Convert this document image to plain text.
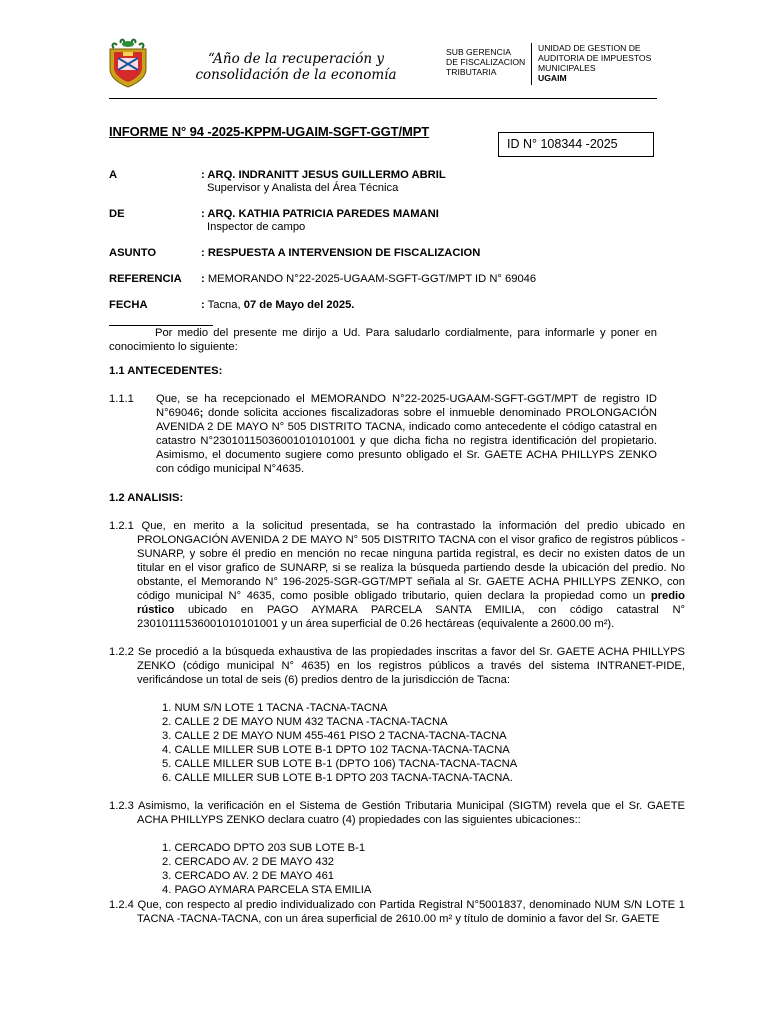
“Año de la recuperación y consolidación de la economía
SUB GERENCIA
DE FISCALIZACION
TRIBUTARIA
UNIDAD DE GESTION DE
AUDITORIA DE IMPUESTOS
MUNICIPALES
UGAIM
INFORME N° 94 -2025-KPPM-UGAIM-SGFT-GGT/MPT
ID N° 108344 -2025
A	: ARQ. INDRANITT JESUS GUILLERMO ABRIL
Supervisor y Analista del Área Técnica
DE	: ARQ. KATHIA PATRICIA PAREDES MAMANI
Inspector de campo
ASUNTO	: RESPUESTA A INTERVENSION DE FISCALIZACION
REFERENCIA : MEMORANDO N°22-2025-UGAAM-SGFT-GGT/MPT ID N° 69046
FECHA	: Tacna, 07 de Mayo del 2025.
Por medio del presente me dirijo a Ud. Para saludarlo cordialmente, para informarle y poner en conocimiento lo siguiente:
1.1 ANTECEDENTES:
1.1.1 Que, se ha recepcionado el MEMORANDO N°22-2025-UGAAM-SGFT-GGT/MPT de registro ID N°69046; donde solicita acciones fiscalizadoras sobre el inmueble denominado PROLONGACIÓN AVENIDA 2 DE MAYO N° 505 DISTRITO TACNA, indicado como antecedente el código catastral en catastro N°23010115036001010101001 y que dicha ficha no registra identificación del propietario. Asimismo, el documento sugiere como presunto obligado el Sr. GAETE ACHA PHILLYPS ZENKO con código municipal N°4635.
1.2 ANALISIS:
1.2.1 Que, en merito a la solicitud presentada, se ha contrastado la información del predio ubicado en PROLONGACIÓN AVENIDA 2 DE MAYO N° 505 DISTRITO TACNA con el visor grafico de registros públicos -SUNARP, y sobre él predio en mención no recae ninguna partida registral, es decir no existen datos de un titular en el visor grafico de SUNARP, si se realiza la búsqueda partiendo desde la ubicación del predio. No obstante, el Memorando N° 196-2025-SGR-GGT/MPT señala al Sr. GAETE ACHA PHILLYPS ZENKO, con código municipal N° 4635, como posible obligado tributario, quien declara la propiedad como un predio rústico ubicado en PAGO AYMARA PARCELA SANTA EMILIA, con código catastral N° 23010111536001010101001 y un área superficial de 0.26 hectáreas (equivalente a 2600.00 m²).
1.2.2 Se procedió a la búsqueda exhaustiva de las propiedades inscritas a favor del Sr. GAETE ACHA PHILLYPS ZENKO (código municipal N° 4635) en los registros públicos a través del sistema INTRANET-PIDE, verificándose un total de seis (6) predios dentro de la jurisdicción de Tacna:
1. NUM S/N LOTE 1 TACNA -TACNA-TACNA
2. CALLE 2 DE MAYO NUM 432 TACNA -TACNA-TACNA
3. CALLE 2 DE MAYO NUM 455-461 PISO 2 TACNA-TACNA-TACNA
4. CALLE MILLER SUB LOTE B-1 DPTO 102 TACNA-TACNA-TACNA
5. CALLE MILLER SUB LOTE B-1 (DPTO 106) TACNA-TACNA-TACNA
6. CALLE MILLER SUB LOTE B-1 DPTO 203 TACNA-TACNA-TACNA.
1.2.3 Asimismo, la verificación en el Sistema de Gestión Tributaria Municipal (SIGTM) revela que el Sr. GAETE ACHA PHILLYPS ZENKO declara cuatro (4) propiedades con las siguientes ubicaciones::
1. CERCADO DPTO 203 SUB LOTE B-1
2. CERCADO AV. 2 DE MAYO 432
3. CERCADO AV. 2 DE MAYO 461
4. PAGO AYMARA PARCELA STA EMILIA
1.2.4 Que, con respecto al predio individualizado con Partida Registral N°5001837, denominado NUM S/N LOTE 1 TACNA -TACNA-TACNA, con un área superficial de 2610.00 m² y título de dominio a favor del Sr. GAETE
